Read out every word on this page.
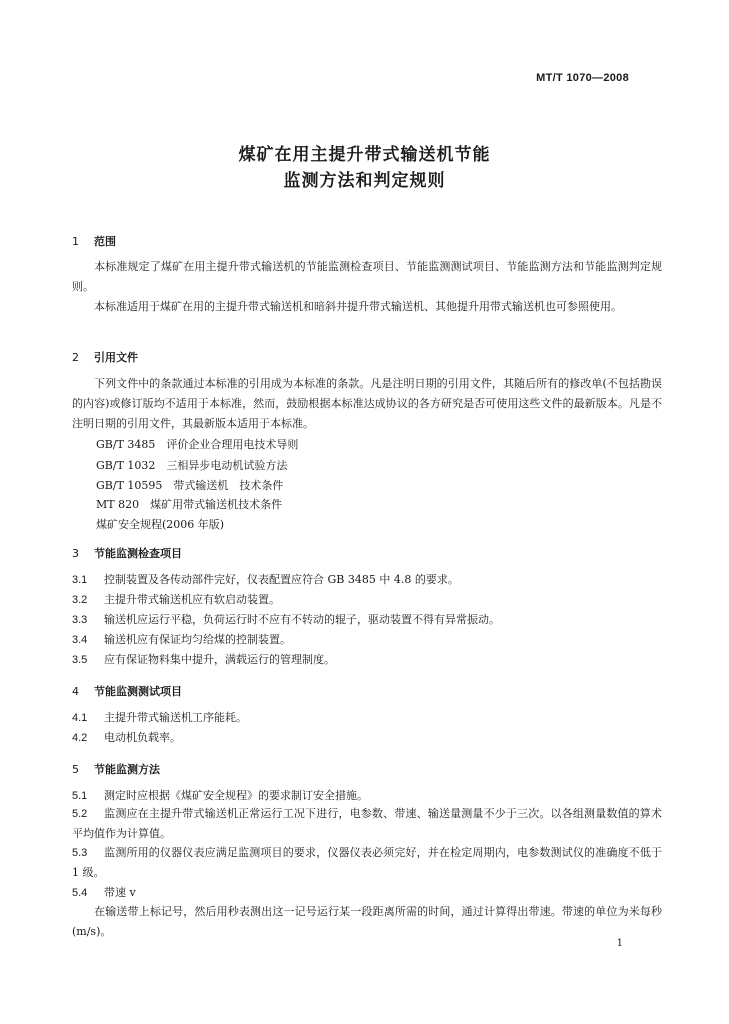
MT/T 1070—2008
煤矿在用主提升带式输送机节能
监测方法和判定规则
1 范围
本标准规定了煤矿在用主提升带式输送机的节能监测检查项目、节能监测测试项目、节能监测方法和节能监测判定规则。
本标准适用于煤矿在用的主提升带式输送机和暗斜井提升带式输送机、其他提升用带式输送机也可参照使用。
2 引用文件
下列文件中的条款通过本标准的引用成为本标准的条款。凡是注明日期的引用文件，其随后所有的修改单(不包括勘误的内容)或修订版均不适用于本标准，然而，鼓励根据本标准达成协议的各方研究是否可使用这些文件的最新版本。凡是不注明日期的引用文件，其最新版本适用于本标准。
GB/T 3485　评价企业合理用电技术导则
GB/T 1032　三相异步电动机试验方法
GB/T 10595　带式输送机　技术条件
MT 820　煤矿用带式输送机技术条件
煤矿安全规程(2006 年版)
3 节能监测检查项目
3.1 控制装置及各传动部件完好，仪表配置应符合 GB 3485 中 4.8 的要求。
3.2 主提升带式输送机应有软启动装置。
3.3 输送机应运行平稳，负荷运行时不应有不转动的辊子，驱动装置不得有异常振动。
3.4 输送机应有保证均匀给煤的控制装置。
3.5 应有保证物料集中提升，满载运行的管理制度。
4 节能监测测试项目
4.1 主提升带式输送机工序能耗。
4.2 电动机负载率。
5 节能监测方法
5.1 测定时应根据《煤矿安全规程》的要求制订安全措施。
5.2 监测应在主提升带式输送机正常运行工况下进行，电参数、带速、输送量测量不少于三次。以各组测量数值的算术平均值作为计算值。
5.3 监测所用的仪器仪表应满足监测项目的要求，仪器仪表必须完好，并在检定周期内，电参数测试仪的准确度不低于 1 级。
5.4 带速 v
在输送带上标记号，然后用秒表测出这一记号运行某一段距离所需的时间，通过计算得出带速。带速的单位为米每秒(m/s)。
1
